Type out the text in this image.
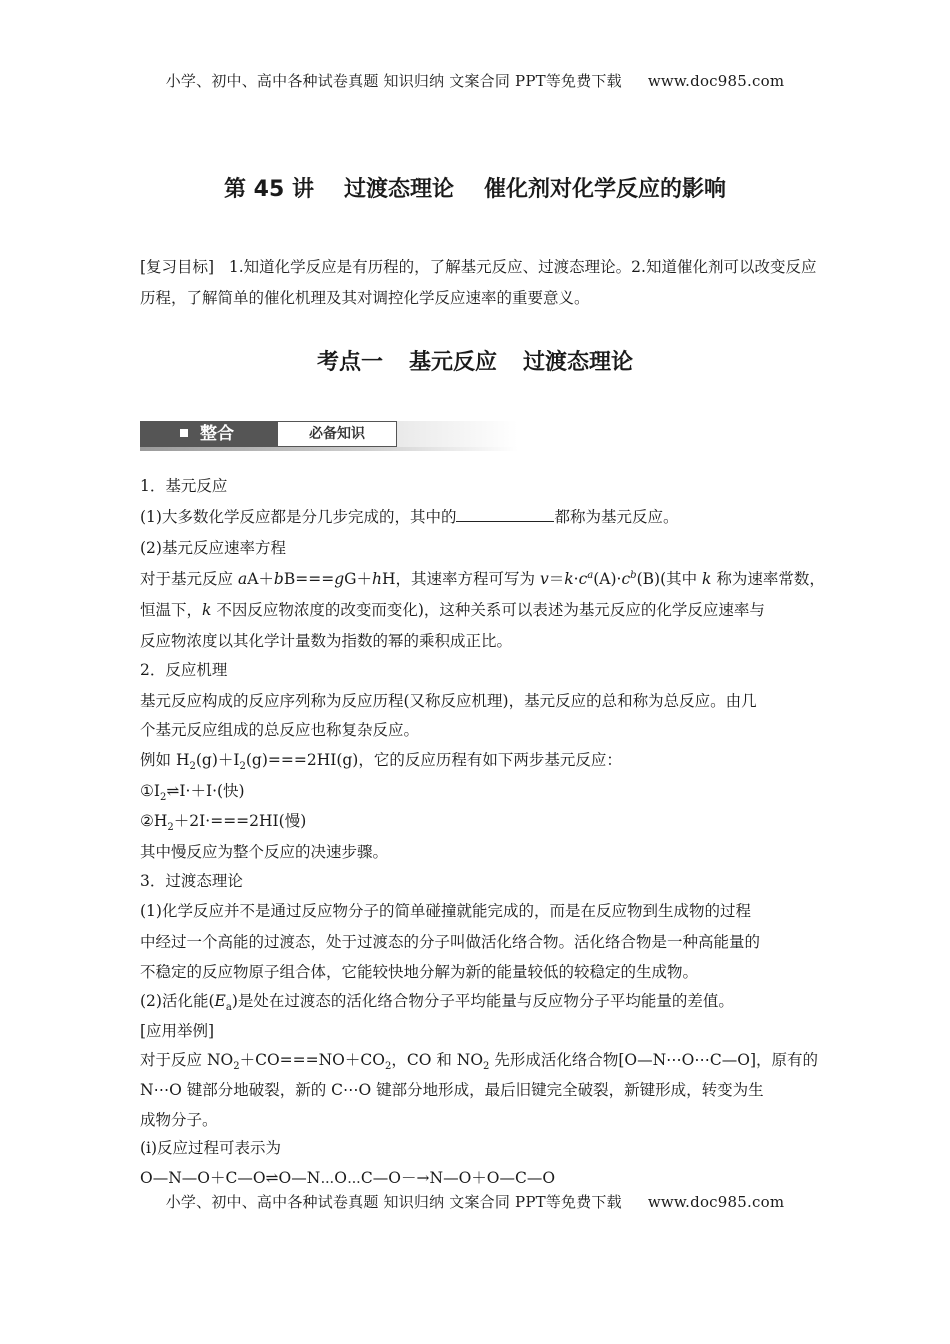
小学、初中、高中各种试卷真题 知识归纳 文案合同 PPT等免费下载 www.doc985.com
第 45 讲 过渡态理论 催化剂对化学反应的影响
[复习目标] 1.知道化学反应是有历程的，了解基元反应、过渡态理论。2.知道催化剂可以改变反应历程，了解简单的催化机理及其对调控化学反应速率的重要意义。
考点一 基元反应 过渡态理论
整合	必备知识
1．基元反应
(1)大多数化学反应都是分几步完成的，其中的	都称为基元反应。
(2)基元反应速率方程
对于基元反应 aA＋bB===gG＋hH，其速率方程可写为 $v=k\cdot c^a(A)\cdot c^b(B)$(其中 k 称为速率常数，
恒温下，k 不因反应物浓度的改变而变化)，这种关系可以表述为基元反应的化学反应速率与
反应物浓度以其化学计量数为指数的幂的乘积成正比。
2．反应机理
基元反应构成的反应序列称为反应历程(又称反应机理)，基元反应的总和称为总反应。由几
个基元反应组成的总反应也称复杂反应。
例如 $H_2(g)+I_2(g)===2HI(g)$，它的反应历程有如下两步基元反应：
$①I_2\rightleftharpoons I\cdot+I\cdot$(快)
$②H_2+2I\cdot===2HI$(慢)
其中慢反应为整个反应的决速步骤。
3．过渡态理论
(1)化学反应并不是通过反应物分子的简单碰撞就能完成的，而是在反应物到生成物的过程
中经过一个高能的过渡态，处于过渡态的分子叫做活化络合物。活化络合物是一种高能量的
不稳定的反应物原子组合体，它能较快地分解为新的能量较低的较稳定的生成物。
(2)活化能$(E_a)$是处在过渡态的活化络合物分子平均能量与反应物分子平均能量的差值。
[应用举例]
对于反应 $NO_2+CO===NO+CO_2$，CO 和 $NO_2$ 先形成活化络合物[O—N⋯O⋯C—O]，原有的
N⋯O 键部分地破裂，新的 C⋯O 键部分地形成，最后旧键完全破裂，新键形成，转变为生
成物分子。
(ⅰ)反应过程可表示为
O—N—O＋C—O⇌O—N⋯O⋯C—O－→N—O＋O—C—O
小学、初中、高中各种试卷真题 知识归纳 文案合同 PPT等免费下载 www.doc985.com
